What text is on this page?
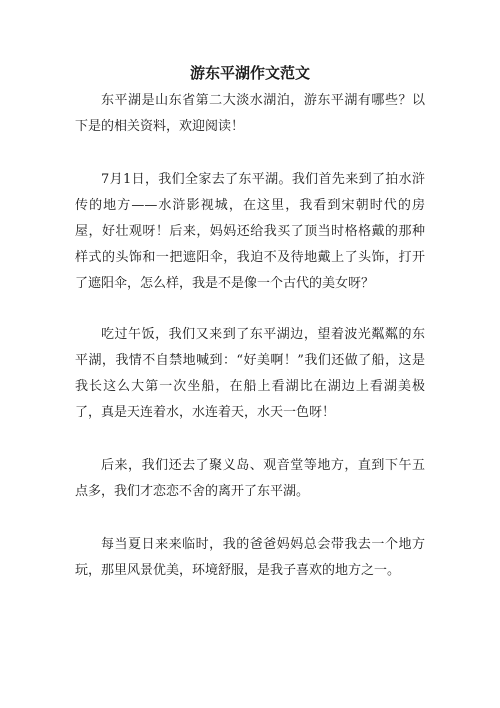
游东平湖作文范文

东平湖是山东省第二大淡水湖泊，游东平湖有哪些？以下是的相关资料，欢迎阅读！

7月1日，我们全家去了东平湖。我们首先来到了拍水浒传的地方——水浒影视城，在这里，我看到宋朝时代的房屋，好壮观呀！后来，妈妈还给我买了顶当时格格戴的那种样式的头饰和一把遮阳伞，我迫不及待地戴上了头饰，打开了遮阳伞，怎么样，我是不是像一个古代的美女呀？

吃过午饭，我们又来到了东平湖边，望着波光粼粼的东平湖，我情不自禁地喊到：“好美啊！”我们还做了船，这是我长这么大第一次坐船，在船上看湖比在湖边上看湖美极了，真是天连着水，水连着天，水天一色呀！

后来，我们还去了聚义岛、观音堂等地方，直到下午五点多，我们才恋恋不舍的离开了东平湖。

每当夏日来来临时，我的爸爸妈妈总会带我去一个地方玩，那里风景优美，环境舒服，是我子喜欢的地方之一。
